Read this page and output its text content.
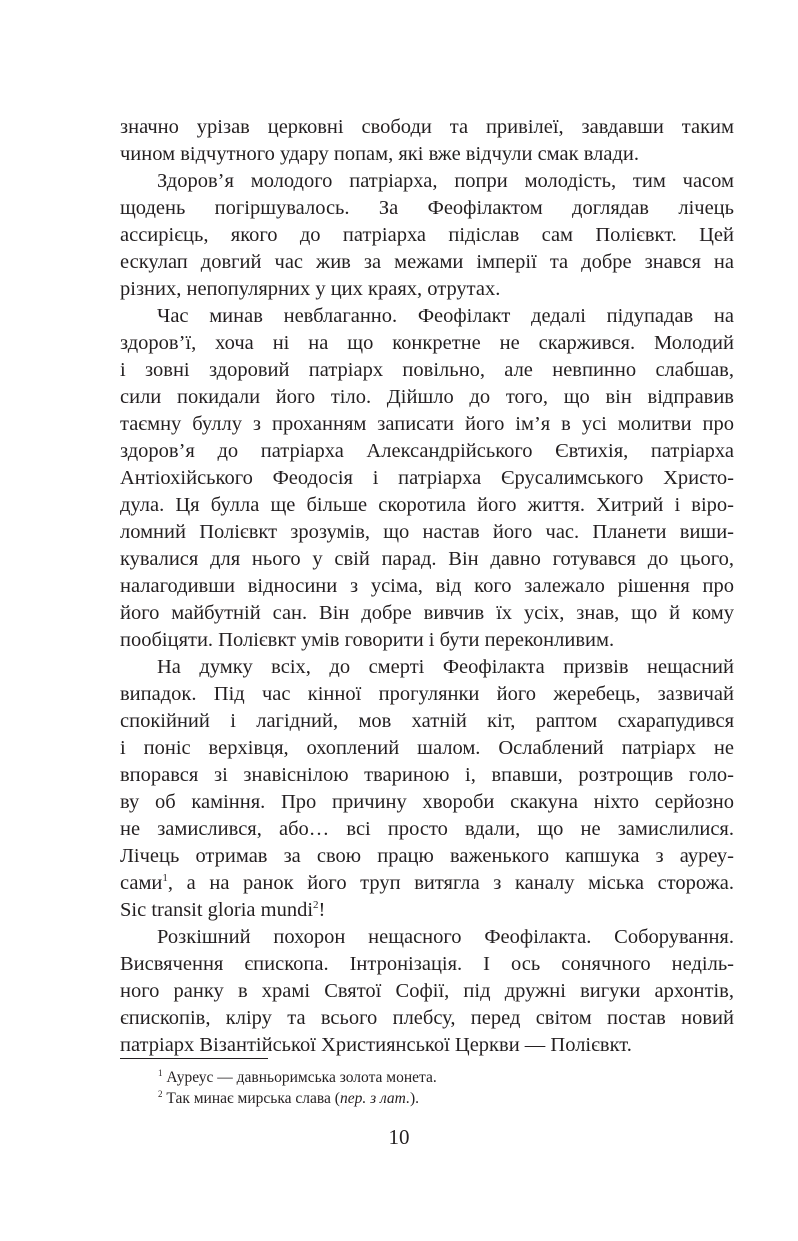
значно урізав церковні свободи та привілеї, завдавши таким
чином відчутного удару попам, які вже відчули смак влади.
Здоров’я молодого патріарха, попри молодість, тим часом
щодень погіршувалось. За Феофілактом доглядав лічець
ассирієць, якого до патріарха підіслав сам Полієвкт. Цей
ескулап довгий час жив за межами імперії та добре знався на
різних, непопулярних у цих краях, отрутах.
Час минав невблаганно. Феофілакт дедалі підупадав на
здоров’ї, хоча ні на що конкретне не скаржився. Молодий
і зовні здоровий патріарх повільно, але невпинно слабшав,
сили покидали його тіло. Дійшло до того, що він відправив
таємну буллу з проханням записати його ім’я в усі молитви про
здоров’я до патріарха Александрійського Євтихія, патріарха
Антіохійського Феодосія і патріарха Єрусалимського Христо-
дула. Ця булла ще більше скоротила його життя. Хитрий і віро-
ломний Полієвкт зрозумів, що настав його час. Планети виши-
кувалися для нього у свій парад. Він давно готувався до цього,
налагодивши відносини з усіма, від кого залежало рішення про
його майбутній сан. Він добре вивчив їх усіх, знав, що й кому
пообіцяти. Полієвкт умів говорити і бути переконливим.
На думку всіх, до смерті Феофілакта призвів нещасний
випадок. Під час кінної прогулянки його жеребець, зазвичай
спокійний і лагідний, мов хатній кіт, раптом схарапудився
і поніс верхівця, охоплений шалом. Ослаблений патріарх не
впорався зі знавіснілою твариною і, впавши, розтрощив голо-
ву об каміння. Про причину хвороби скакуна ніхто серйозно
не замислився, або… всі просто вдали, що не замислилися.
Лічець отримав за свою працю важенького капшука з ауреу-
сами$^1$, а на ранок його труп витягла з каналу міська сторожа.
Sic transit gloria mundi$^2$!
Розкішний похорон нещасного Феофілакта. Соборування.
Висвячення єпископа. Інтронізація. І ось сонячного неділь-
ного ранку в храмі Святої Софії, під дружні вигуки архонтів,
єпископів, кліру та всього плебсу, перед світом постав новий
патріарх Візантійської Християнської Церкви — Полієвкт.
$^1$ Ауреус — давньоримська золота монета.
$^2$ Так минає мирська слава (пер. з лат.).
10
